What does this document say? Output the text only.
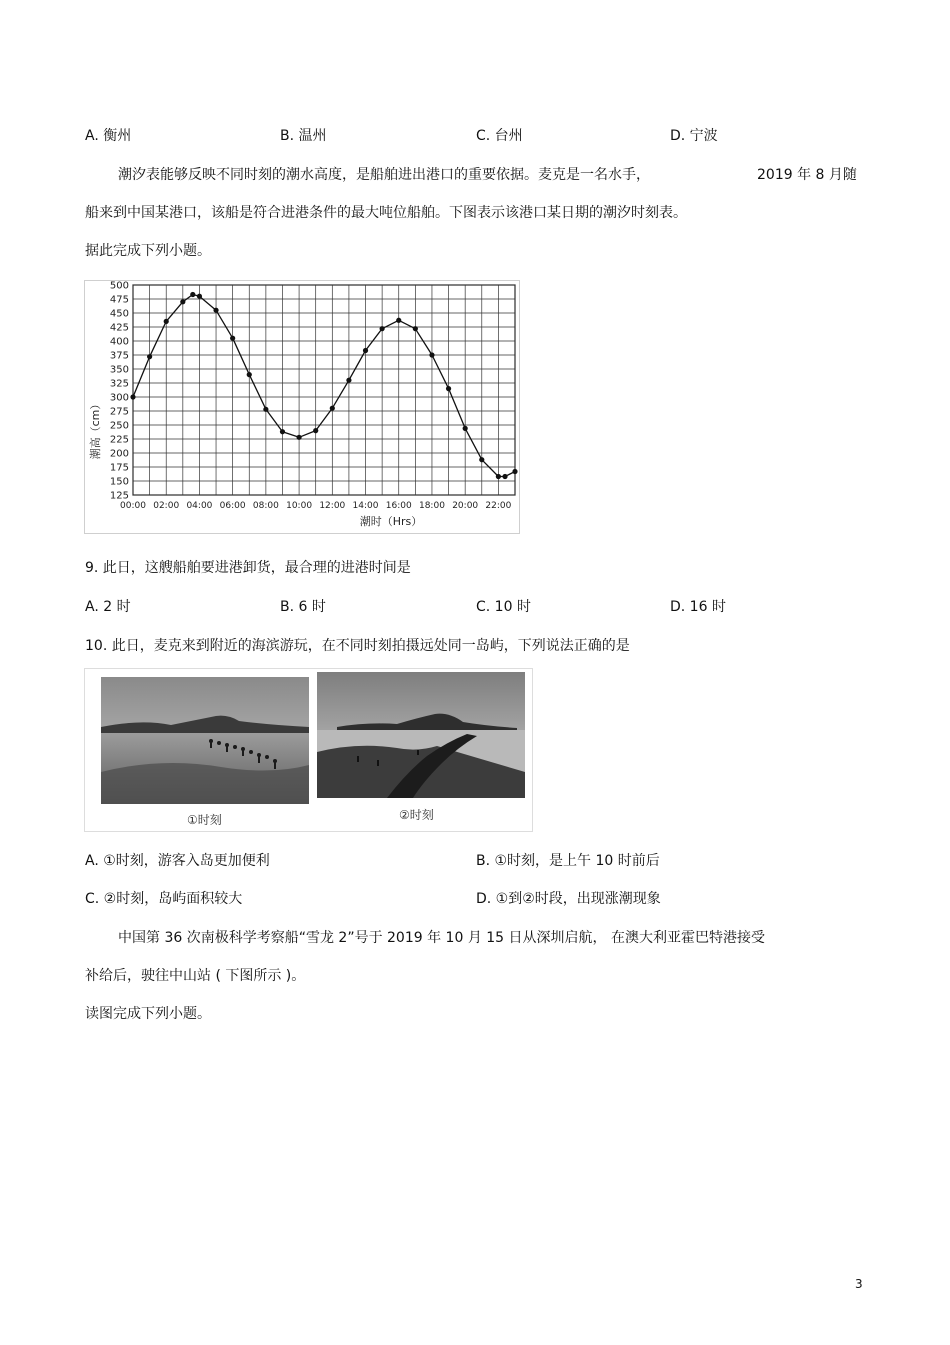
A. 衡州	B. 温州	C. 台州	D. 宁波
潮汐表能够反映不同时刻的潮水高度，是船舶进出港口的重要依据。麦克是一名水手，	2019 年 8 月随
船来到中国某港口，该船是符合进港条件的最大吨位船舶。下图表示该港口某日期的潮汐时刻表。
据此完成下列小题。
500
475
450
425
400
375
350
325
300
275
250
225
200
175
150
125
00:00 02:00 04:00 06:00 08:00 10:00 12:00 14:00 16:00 18:00 20:00 22:00
潮时（Hrs）
潮高（cm）
9. 此日，这艘船舶要进港卸货，最合理的进港时间是
A. 2 时	B. 6 时	C. 10 时	D. 16 时
10. 此日，麦克来到附近的海滨游玩，在不同时刻拍摄远处同一岛屿，下列说法正确的是
①时刻	②时刻
A. ①时刻，游客入岛更加便利	B. ①时刻，是上午 10 时前后
C. ②时刻，岛屿面积较大	D. ①到②时段，出现涨潮现象
中国第 36 次南极科学考察船“雪龙 2”号于 2019 年 10 月 15 日从深圳启航， 在澳大利亚霍巴特港接受
补给后，驶往中山站 ( 下图所示 )。
读图完成下列小题。
3
